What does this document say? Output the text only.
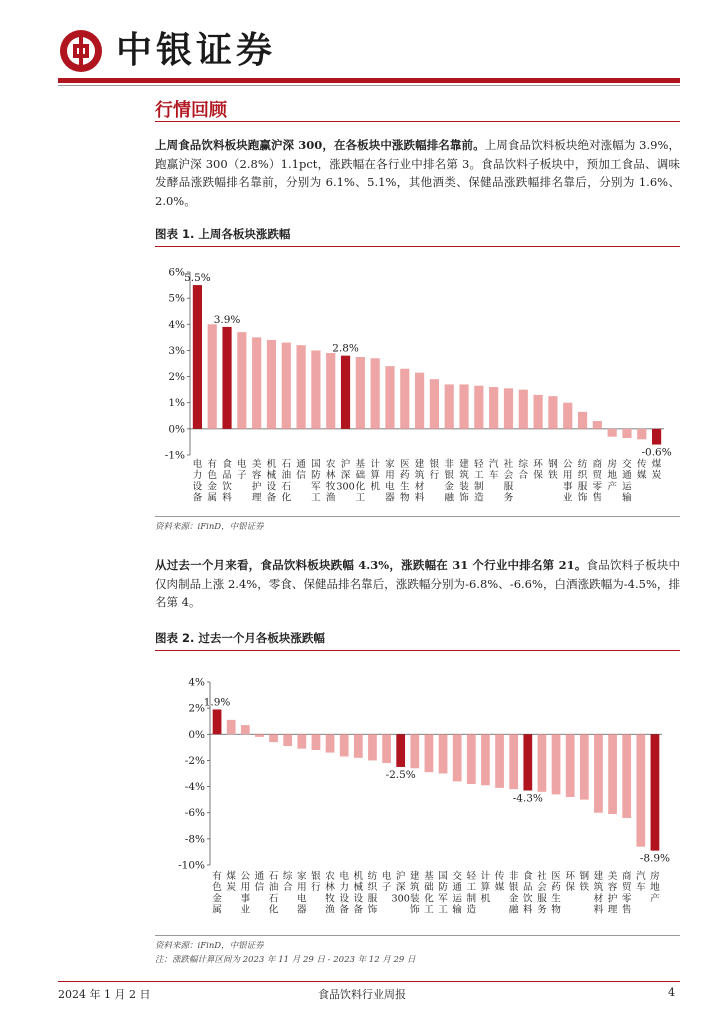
中银证券
行情回顾
上周食品饮料板块跑赢沪深 300，在各板块中涨跌幅排名靠前。上周食品饮料板块绝对涨幅为 3.9%，跑赢沪深 300（2.8%）1.1pct，涨跌幅在各行业中排名第 3。食品饮料子板块中，预加工食品、调味发酵品涨跌幅排名靠前，分别为 6.1%、5.1%，其他酒类、保健品涨跌幅排名靠后，分别为 1.6%、2.0%。
图表 1. 上周各板块涨跌幅
-1%
0%
1%
2%
3%
4%
5%
6%
电力设备
有色金属
食品饮料
电子
美容护理
机械设备
石油石化
通信
国防军工
农林牧渔
沪深 300
基础化工
计算机
家用电器
医药生物
建筑材料
银行
非银金融
建筑装饰
轻工制造
汽车
社会服务
综合
环保
钢铁
公用事业
纺织服饰
商贸零售
房地产
交通运输
传媒
煤炭
5.5%
3.9%
2.8%
-0.6%
资料来源：iFinD，中银证券
从过去一个月来看，食品饮料板块跌幅 4.3%，涨跌幅在 31 个行业中排名第 21。食品饮料子板块中仅肉制品上涨 2.4%，零食、保健品排名靠后，涨跌幅分别为-6.8%、-6.6%，白酒涨跌幅为-4.5%，排名第 4。
图表 2. 过去一个月各板块涨跌幅
-10%
-8%
-6%
-4%
-2%
0%
2%
4%
有色金属
煤炭
公用事业
通信
石油石化
综合
家用电器
银行
农林牧渔
电力设备
机械设备
纺织服饰
电子
沪深 300
建筑装饰
基础化工
国防军工
交通运输
轻工制造
计算机
传媒
非银金融
食品饮料
社会服务
医药生物
环保
钢铁
建筑材料
美容护理
商贸零售
汽车
房地产
1.9%
-2.5%
-4.3%
-8.9%
资料来源：iFinD，中银证券
注：涨跌幅计算区间为 2023 年 11 月 29 日 - 2023 年 12 月 29 日
2024 年 1 月 2 日	食品饮料行业周报	4
